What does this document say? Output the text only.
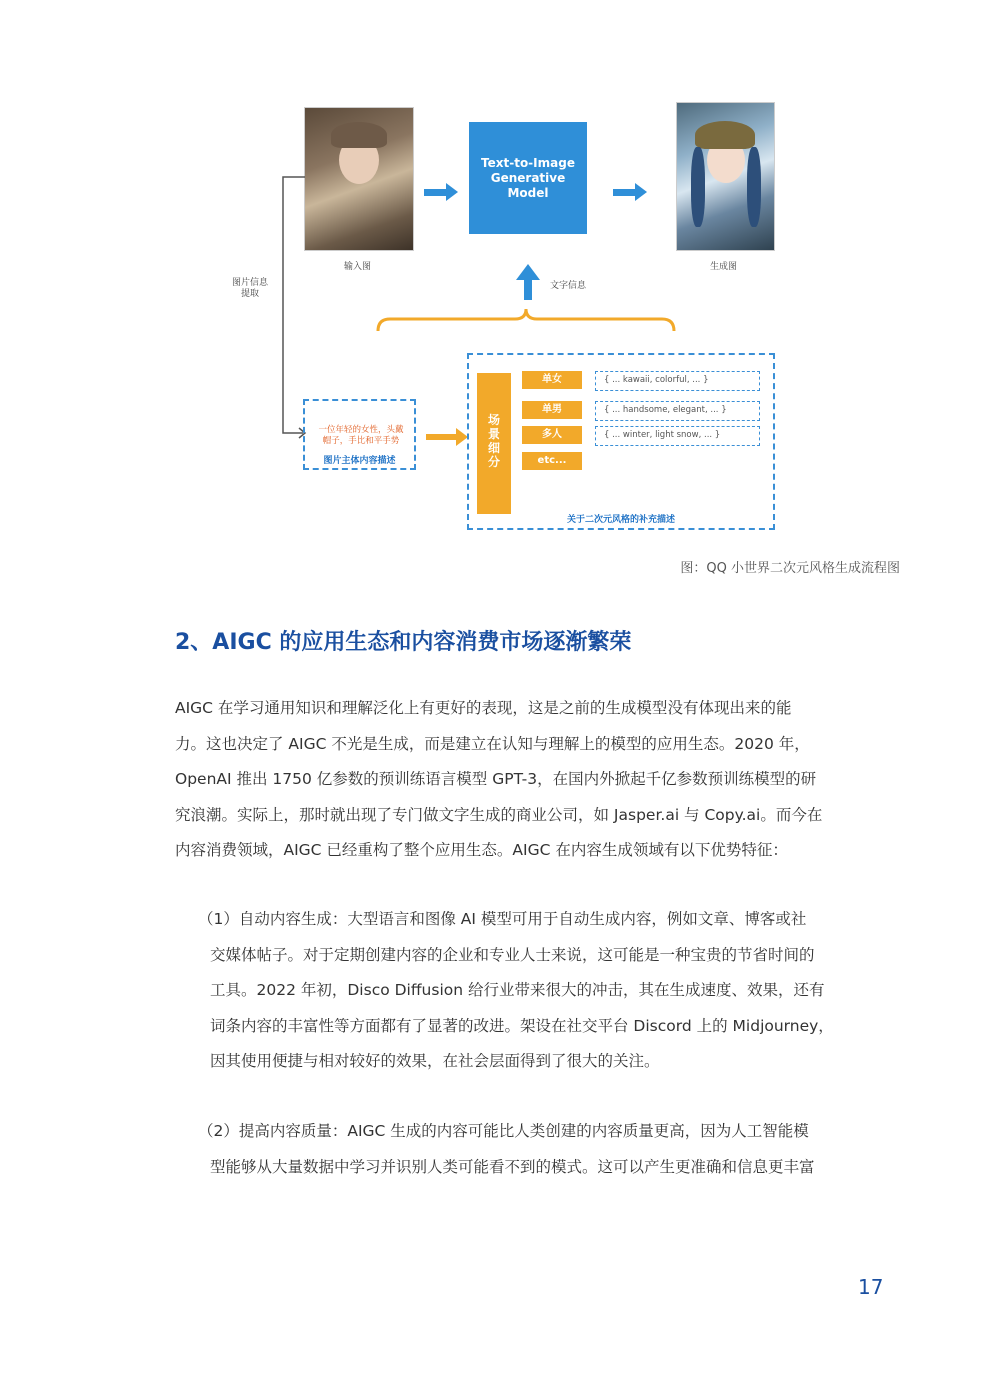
输入图
Text-to-Image
Generative
Model
生成图
文字信息
图片信息
提取
一位年轻的女性，头戴
帽子，手比和平手势
图片主体内容描述
场
景
细
分
关于二次元风格的补充描述
单女
单男
多人
etc...
{ ... kawaii, colorful, ... }
{ ... handsome, elegant, ... }
{ ... winter, light snow, ... }
图：QQ 小世界二次元风格生成流程图
2、AIGC 的应用生态和内容消费市场逐渐繁荣
AIGC 在学习通用知识和理解泛化上有更好的表现，这是之前的生成模型没有体现出来的能
力。这也决定了 AIGC 不光是生成，而是建立在认知与理解上的模型的应用生态。2020 年，
OpenAI 推出 1750 亿参数的预训练语言模型 GPT-3，在国内外掀起千亿参数预训练模型的研
究浪潮。实际上，那时就出现了专门做文字生成的商业公司，如 Jasper.ai 与 Copy.ai。而今在
内容消费领域，AIGC 已经重构了整个应用生态。AIGC 在内容生成领域有以下优势特征：
（1）自动内容生成：大型语言和图像 AI 模型可用于自动生成内容，例如文章、博客或社
交媒体帖子。对于定期创建内容的企业和专业人士来说，这可能是一种宝贵的节省时间的
工具。2022 年初，Disco Diffusion 给行业带来很大的冲击，其在生成速度、效果，还有
词条内容的丰富性等方面都有了显著的改进。架设在社交平台 Discord 上的 Midjourney，
因其使用便捷与相对较好的效果，在社会层面得到了很大的关注。
（2）提高内容质量：AIGC 生成的内容可能比人类创建的内容质量更高，因为人工智能模
型能够从大量数据中学习并识别人类可能看不到的模式。这可以产生更准确和信息更丰富
17
